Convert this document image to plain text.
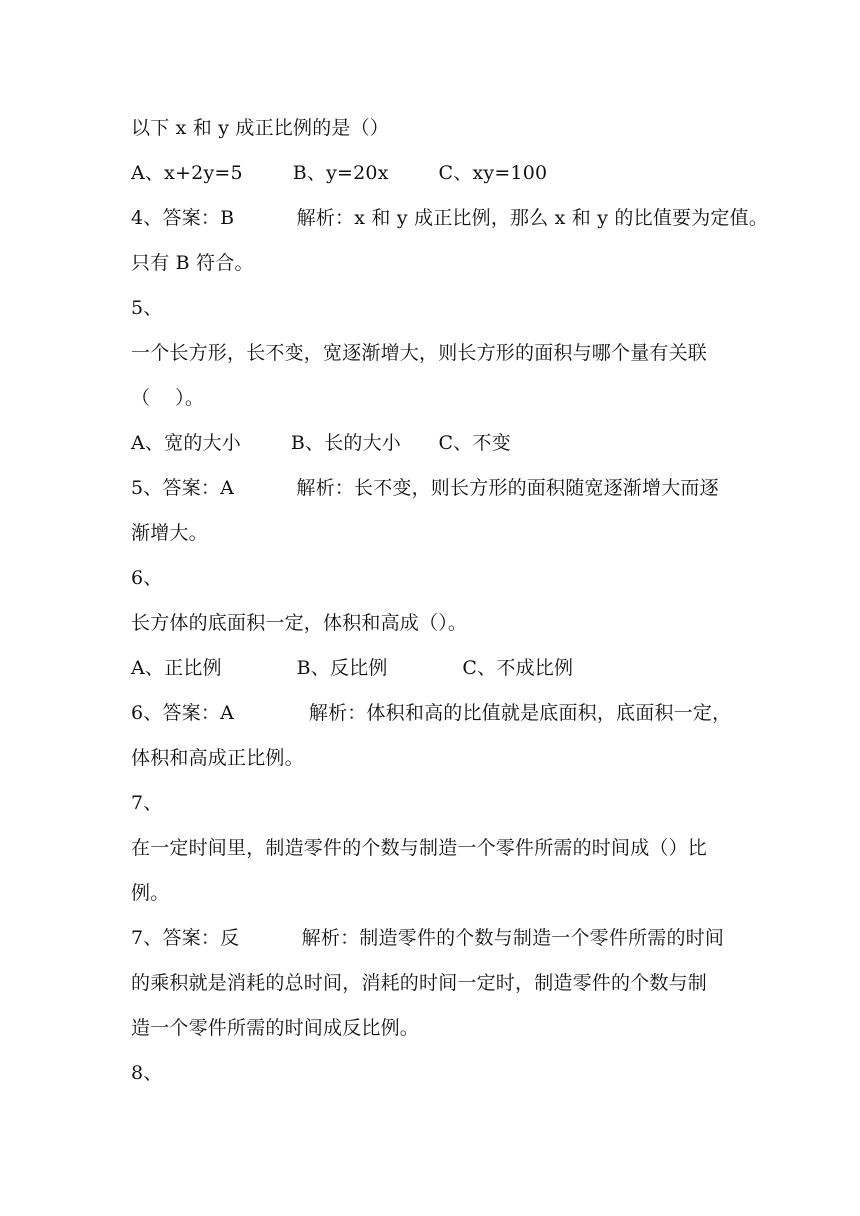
以下 x 和 y 成正比例的是（）
A、x+2y=5        B、y=20x        C、xy=100
4、答案：B          解析：x 和 y 成正比例，那么 x 和 y 的比值要为定值。
只有 B 符合。
5、
一个长方形，长不变，宽逐渐增大，则长方形的面积与哪个量有关联
（    ）。
A、宽的大小        B、长的大小      C、不变
5、答案：A          解析：长不变，则长方形的面积随宽逐渐增大而逐
渐增大。
6、
长方体的底面积一定，体积和高成（）。
A、正比例            B、反比例            C、不成比例
6、答案：A            解析：体积和高的比值就是底面积，底面积一定，
体积和高成正比例。
7、
在一定时间里，制造零件的个数与制造一个零件所需的时间成（）比
例。
7、答案：反          解析：制造零件的个数与制造一个零件所需的时间
的乘积就是消耗的总时间，消耗的时间一定时，制造零件的个数与制
造一个零件所需的时间成反比例。
8、
